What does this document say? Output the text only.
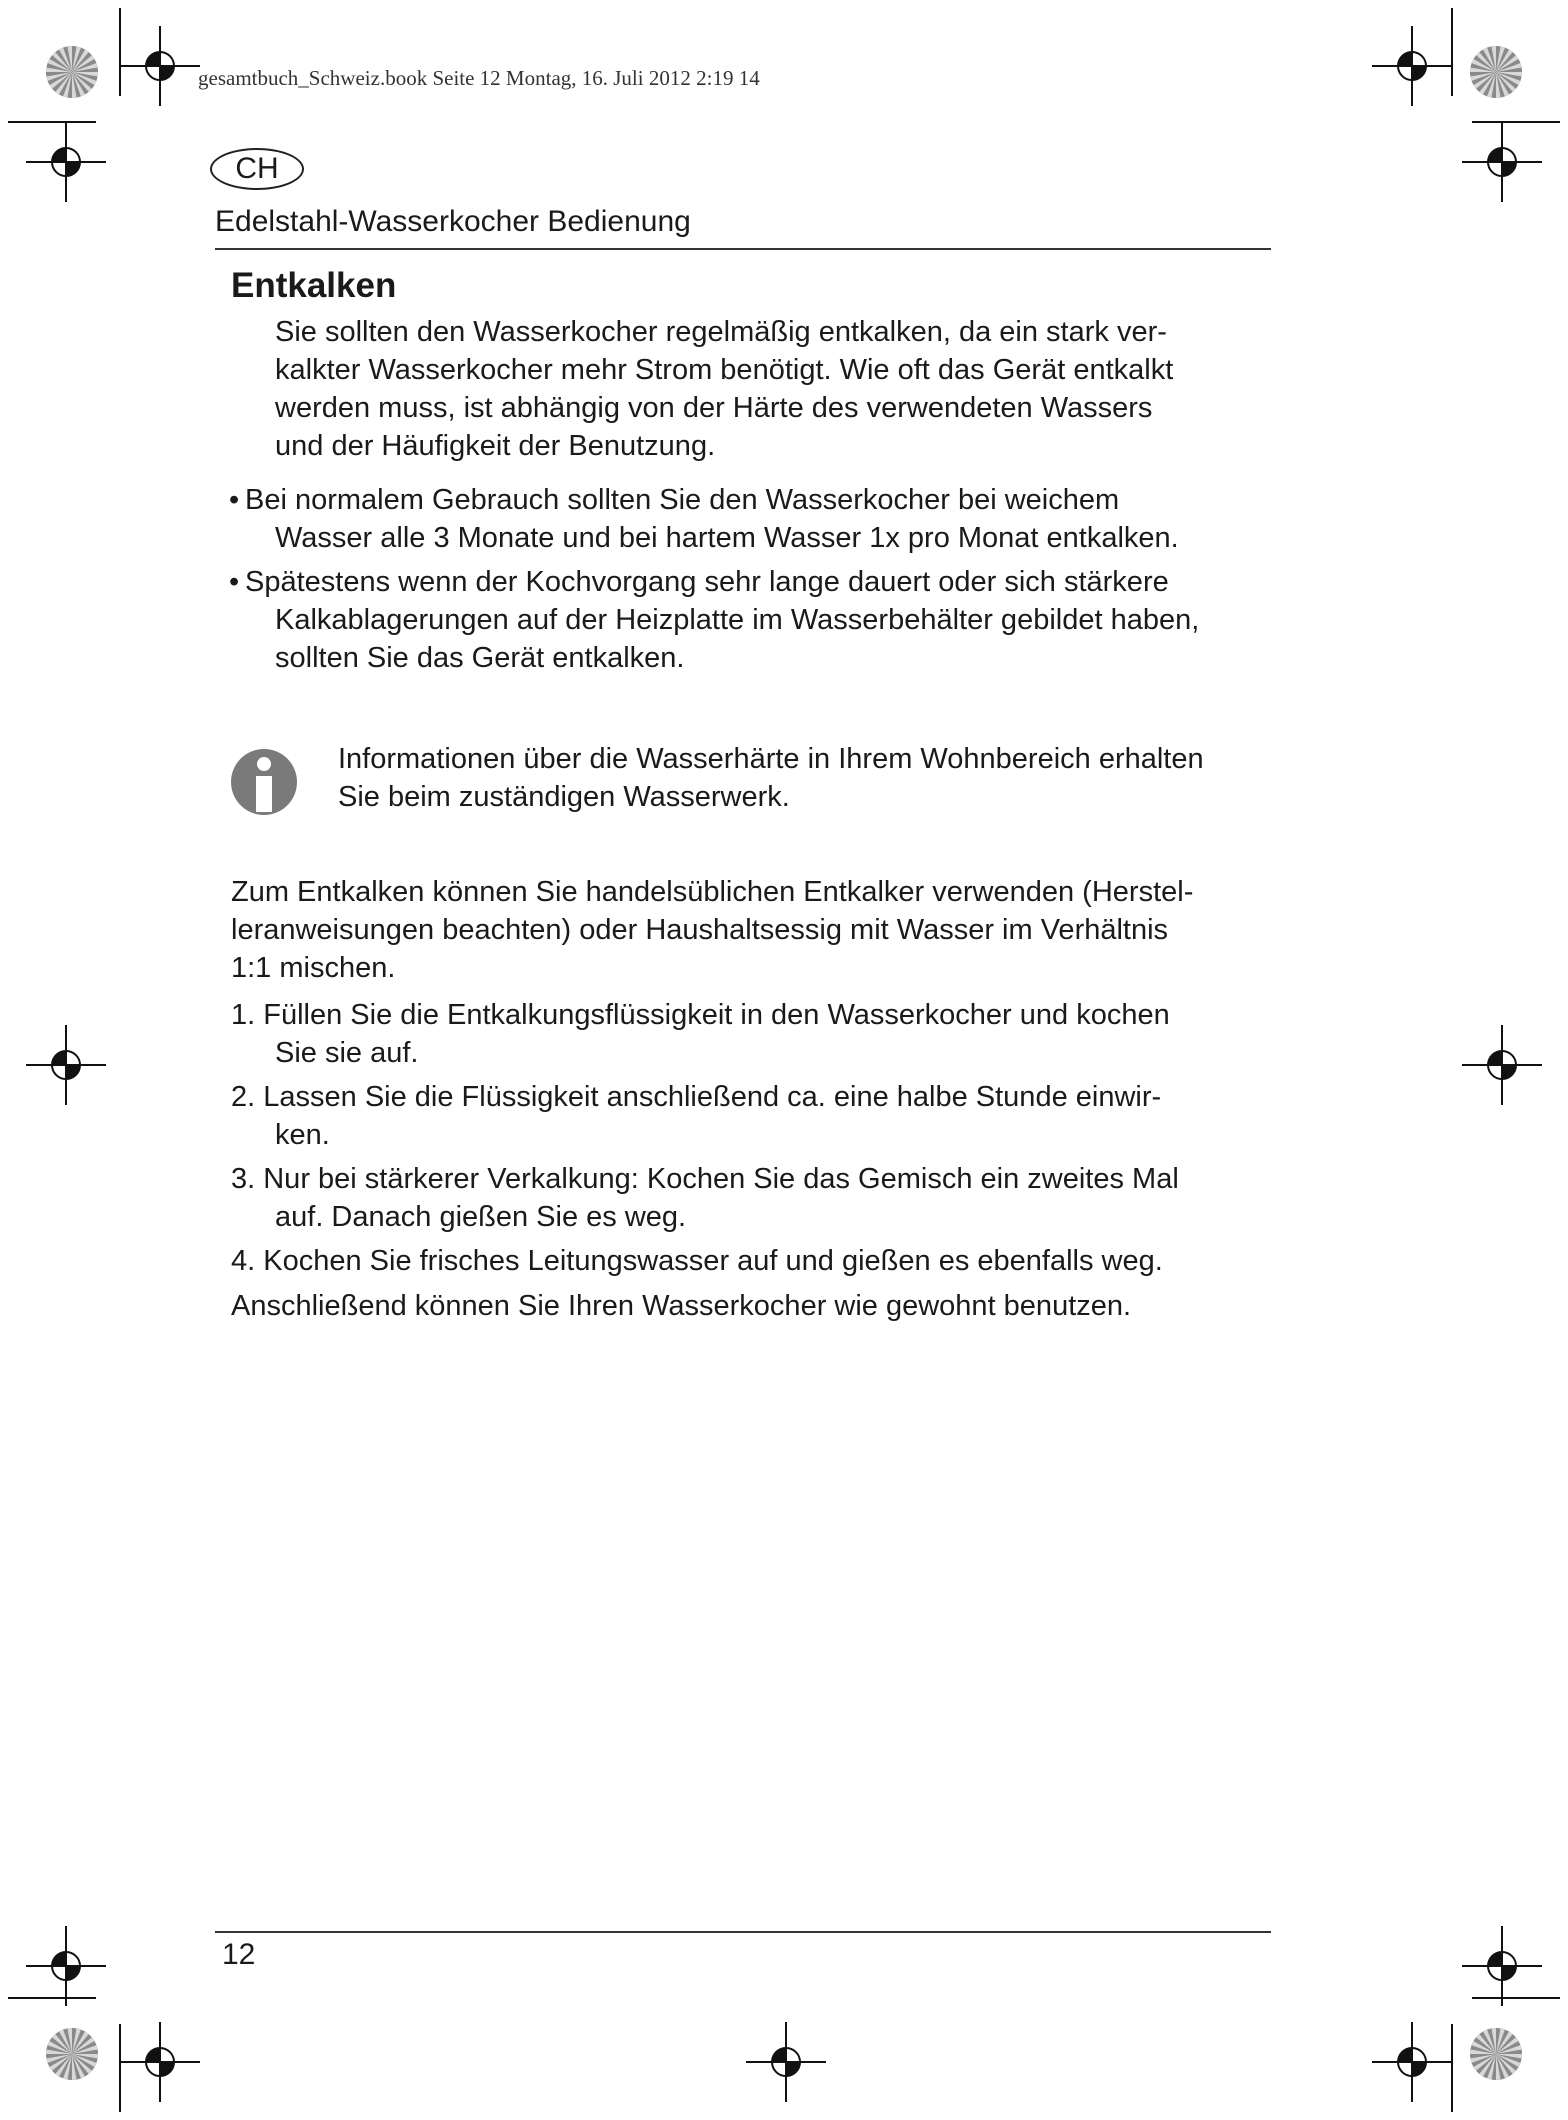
gesamtbuch_Schweiz.book Seite 12 Montag, 16. Juli 2012 2:19 14
CH
Edelstahl-Wasserkocher Bedienung
Entkalken
Sie sollten den Wasserkocher regelmäßig entkalken, da ein stark ver-
kalkter Wasserkocher mehr Strom benötigt. Wie oft das Gerät entkalkt
werden muss, ist abhängig von der Härte des verwendeten Wassers
und der Häufigkeit der Benutzung.
• Bei normalem Gebrauch sollten Sie den Wasserkocher bei weichem
Wasser alle 3 Monate und bei hartem Wasser 1x pro Monat entkalken.
• Spätestens wenn der Kochvorgang sehr lange dauert oder sich stärkere
Kalkablagerungen auf der Heizplatte im Wasserbehälter gebildet haben,
sollten Sie das Gerät entkalken.
Informationen über die Wasserhärte in Ihrem Wohnbereich erhalten
Sie beim zuständigen Wasserwerk.
Zum Entkalken können Sie handelsüblichen Entkalker verwenden (Herstel-
leranweisungen beachten) oder Haushaltsessig mit Wasser im Verhältnis
1:1 mischen.
1. Füllen Sie die Entkalkungsflüssigkeit in den Wasserkocher und kochen
Sie sie auf.
2. Lassen Sie die Flüssigkeit anschließend ca. eine halbe Stunde einwir-
ken.
3. Nur bei stärkerer Verkalkung: Kochen Sie das Gemisch ein zweites Mal
auf. Danach gießen Sie es weg.
4. Kochen Sie frisches Leitungswasser auf und gießen es ebenfalls weg.
Anschließend können Sie Ihren Wasserkocher wie gewohnt benutzen.
12
